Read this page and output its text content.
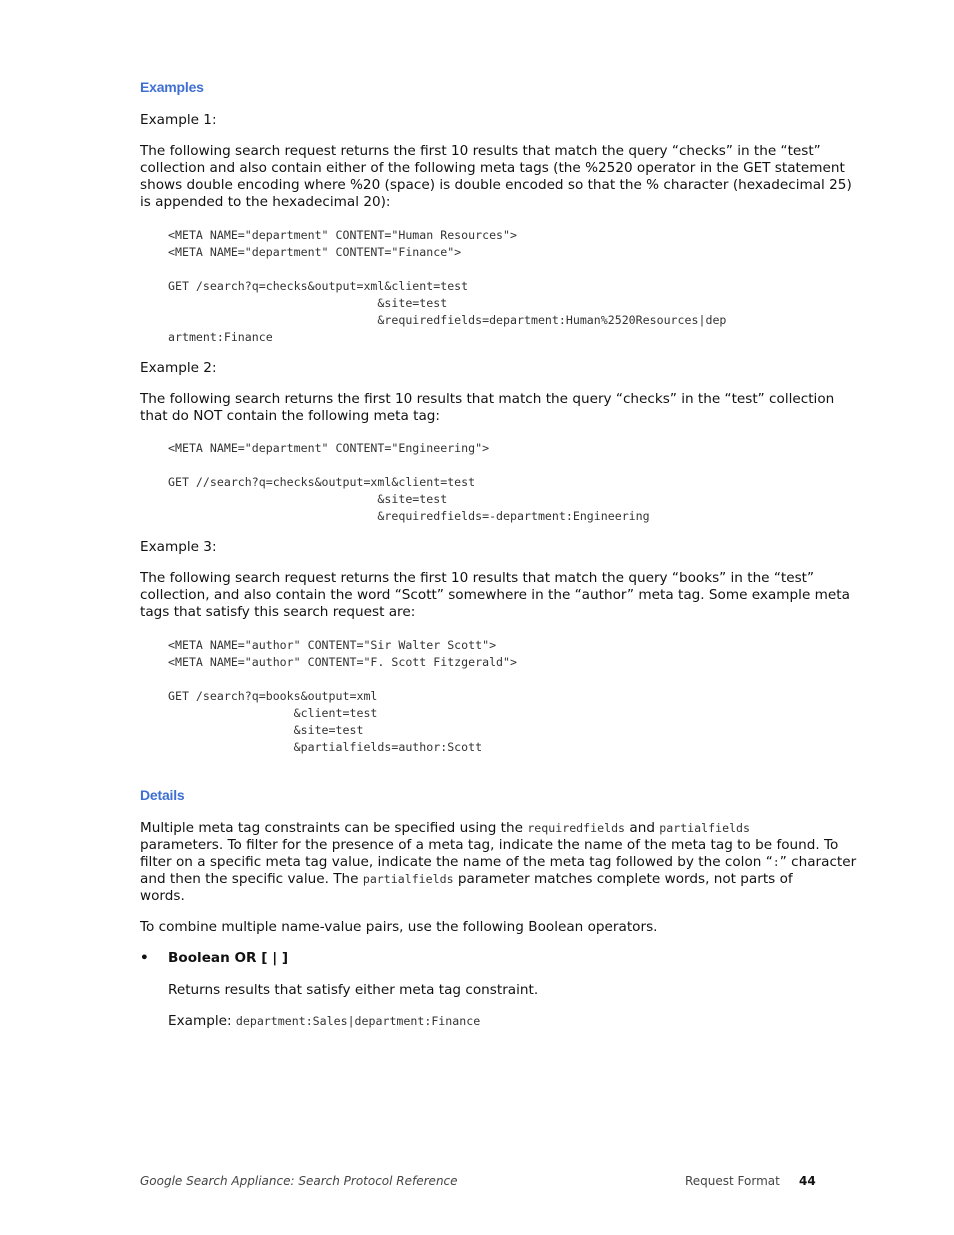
Examples
Example 1:
The following search request returns the first 10 results that match the query “checks” in the “test”
collection and also contain either of the following meta tags (the %2520 operator in the GET statement
shows double encoding where %20 (space) is double encoded so that the % character (hexadecimal 25)
is appended to the hexadecimal 20):
<META NAME="department" CONTENT="Human Resources">
<META NAME="department" CONTENT="Finance">

GET /search?q=checks&output=xml&client=test
&site=test
&requiredfields=department:Human%2520Resources|dep
artment:Finance
Example 2:
The following search returns the first 10 results that match the query “checks” in the “test” collection
that do NOT contain the following meta tag:
<META NAME="department" CONTENT="Engineering">

GET //search?q=checks&output=xml&client=test
&site=test
&requiredfields=-department:Engineering
Example 3:
The following search request returns the first 10 results that match the query “books” in the “test”
collection, and also contain the word “Scott” somewhere in the “author” meta tag. Some example meta
tags that satisfy this search request are:
<META NAME="author" CONTENT="Sir Walter Scott">
<META NAME="author" CONTENT="F. Scott Fitzgerald">

GET /search?q=books&output=xml
&client=test
&site=test
&partialfields=author:Scott
Details
Multiple meta tag constraints can be specified using the requiredfields and partialfields
parameters. To filter for the presence of a meta tag, indicate the name of the meta tag to be found. To
filter on a specific meta tag value, indicate the name of the meta tag followed by the colon “:” character
and then the specific value. The partialfields parameter matches complete words, not parts of
words.
To combine multiple name-value pairs, use the following Boolean operators.
• Boolean OR [ | ]
Returns results that satisfy either meta tag constraint.
Example: department:Sales|department:Finance
Google Search Appliance: Search Protocol Reference	Request Format 44
